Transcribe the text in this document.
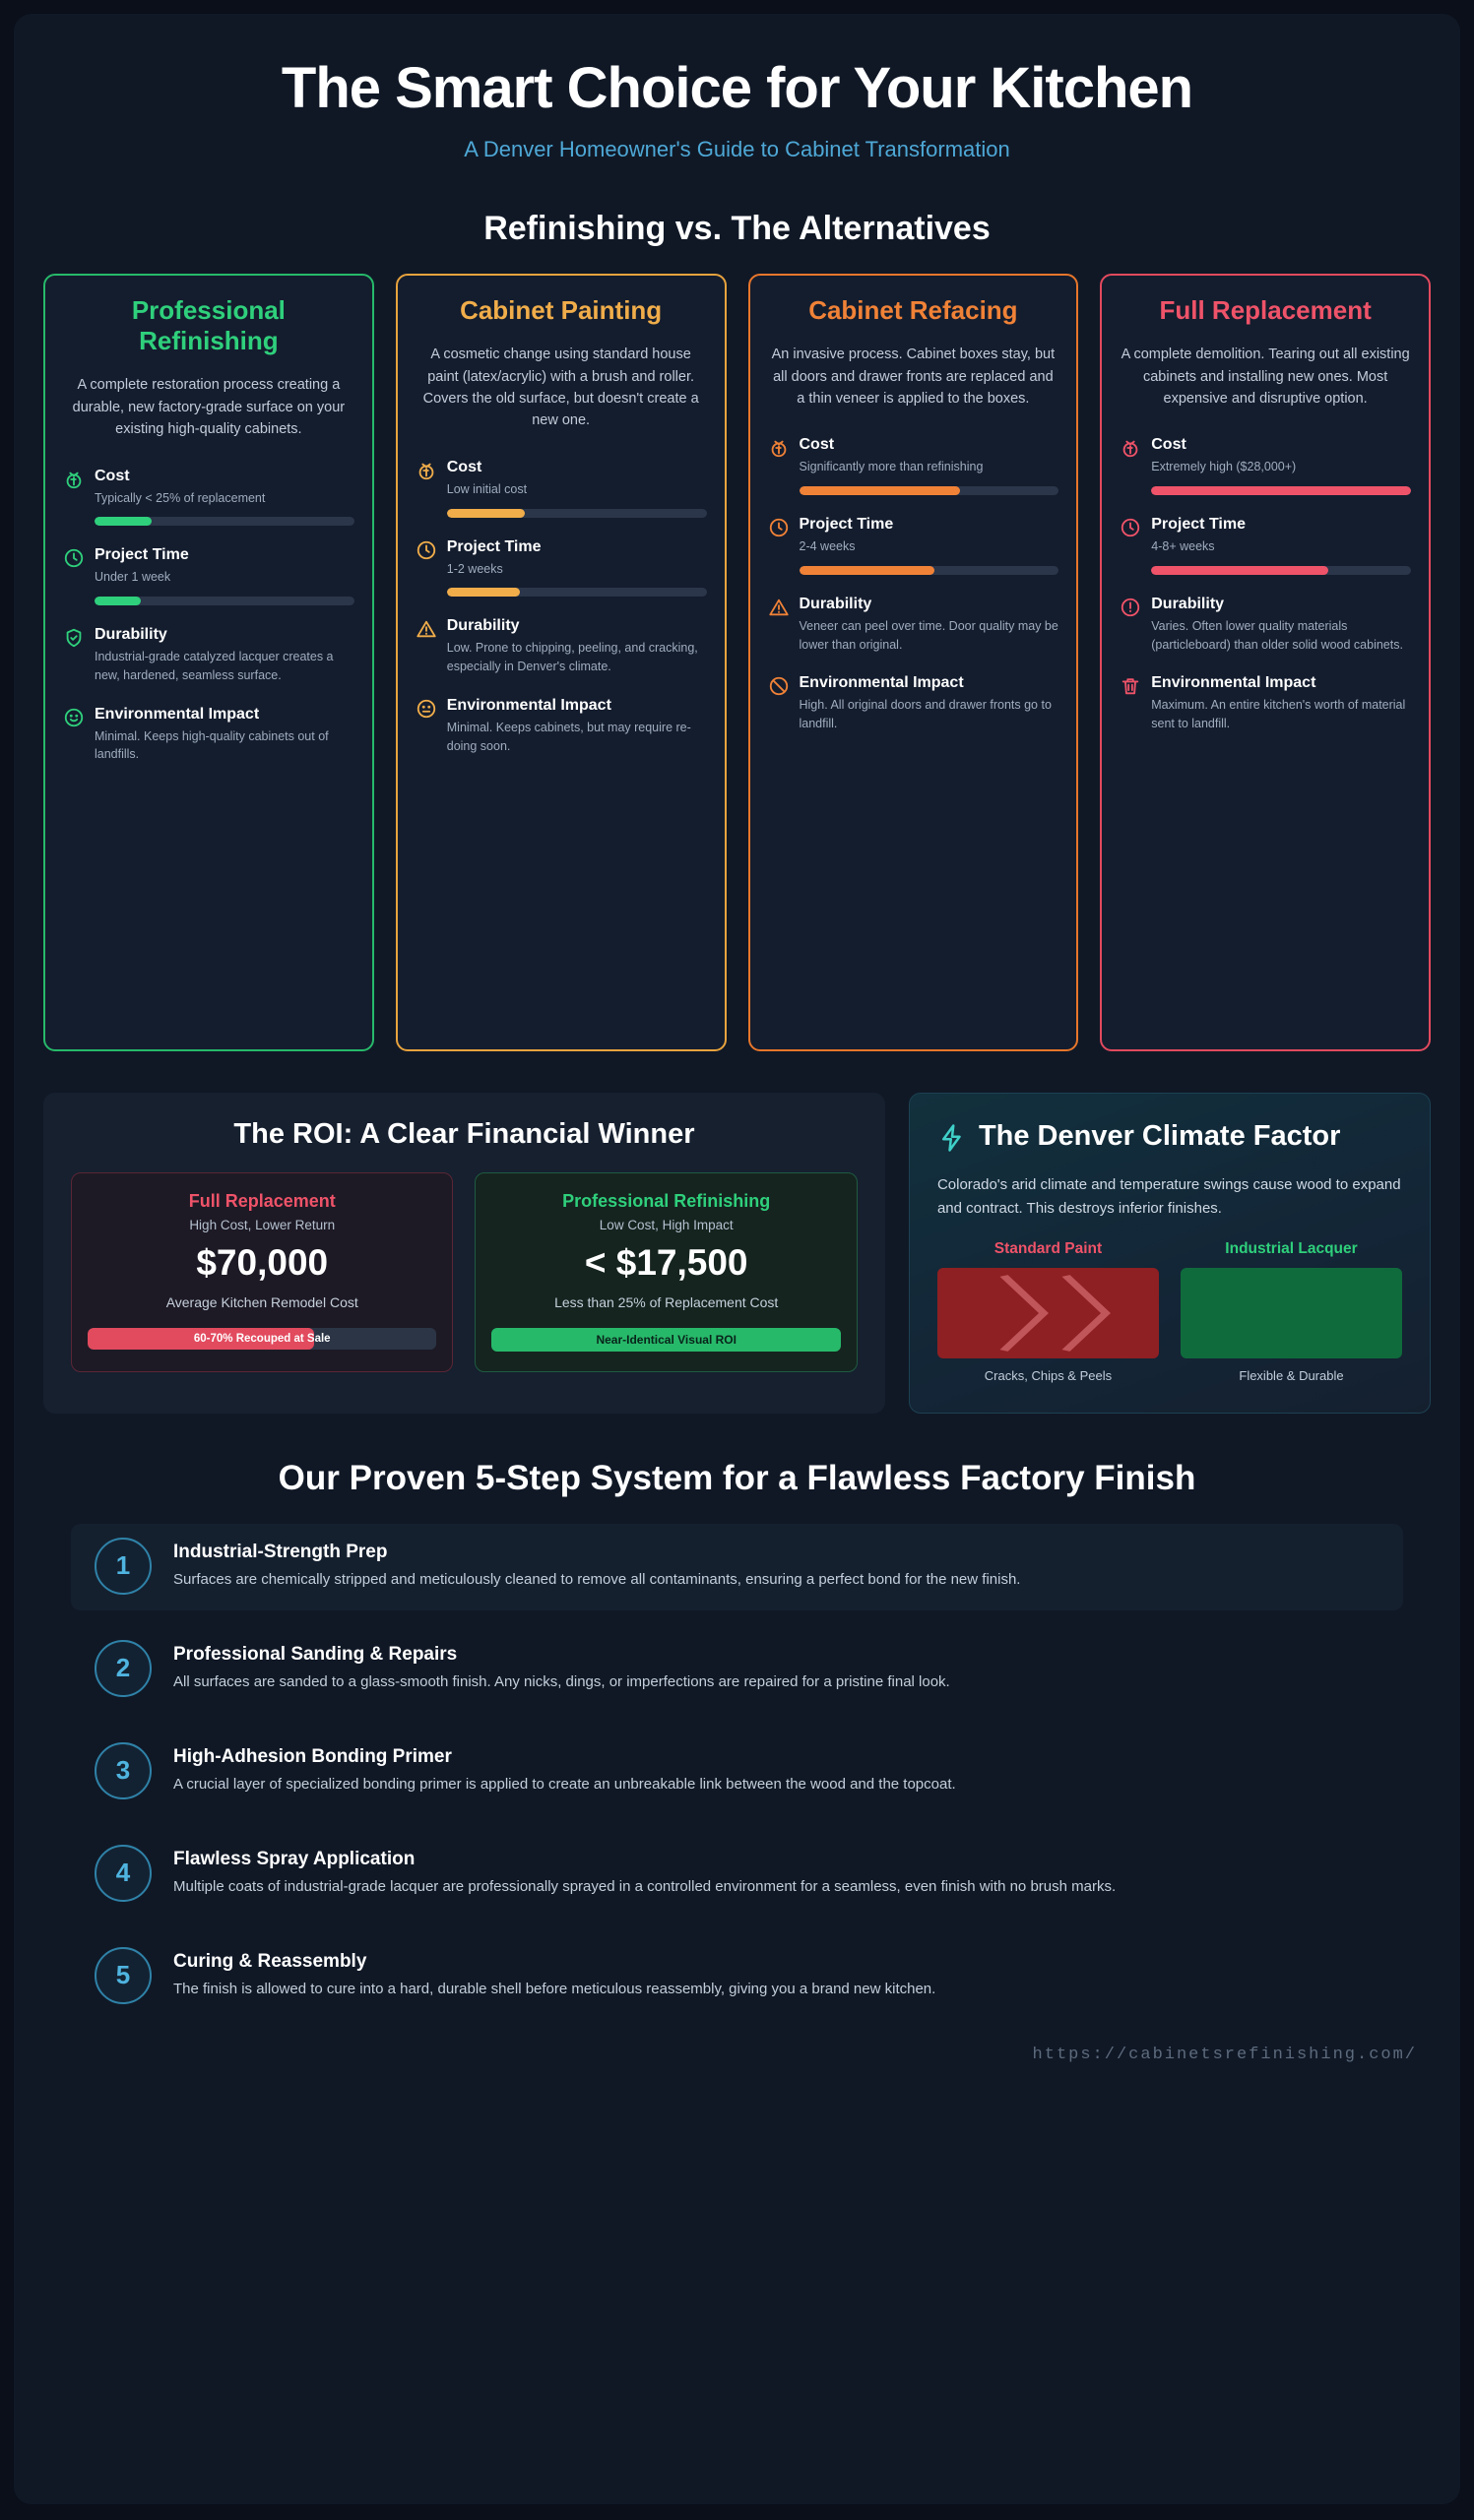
The Smart Choice for Your Kitchen
A Denver Homeowner's Guide to Cabinet Transformation
Refinishing vs. The Alternatives
Professional Refinishing
A complete restoration process creating a durable, new factory-grade surface on your existing high-quality cabinets.
Cost
Typically < 25% of replacement
Project Time
Under 1 week
Durability
Industrial-grade catalyzed lacquer creates a new, hardened, seamless surface.
Environmental Impact
Minimal. Keeps high-quality cabinets out of landfills.
Cabinet Painting
A cosmetic change using standard house paint (latex/acrylic) with a brush and roller. Covers the old surface, but doesn't create a new one.
Cost
Low initial cost
Project Time
1-2 weeks
Durability
Low. Prone to chipping, peeling, and cracking, especially in Denver's climate.
Environmental Impact
Minimal. Keeps cabinets, but may require re-doing soon.
Cabinet Refacing
An invasive process. Cabinet boxes stay, but all doors and drawer fronts are replaced and a thin veneer is applied to the boxes.
Cost
Significantly more than refinishing
Project Time
2-4 weeks
Durability
Veneer can peel over time. Door quality may be lower than original.
Environmental Impact
High. All original doors and drawer fronts go to landfill.
Full Replacement
A complete demolition. Tearing out all existing cabinets and installing new ones. Most expensive and disruptive option.
Cost
Extremely high ($28,000+)
Project Time
4-8+ weeks
Durability
Varies. Often lower quality materials (particleboard) than older solid wood cabinets.
Environmental Impact
Maximum. An entire kitchen's worth of material sent to landfill.
The ROI: A Clear Financial Winner
Full Replacement
High Cost, Lower Return
$70,000
Average Kitchen Remodel Cost
60-70% Recouped at Sale
Professional Refinishing
Low Cost, High Impact
< $17,500
Less than 25% of Replacement Cost
Near-Identical Visual ROI
The Denver Climate Factor

Colorado's arid climate and temperature swings cause wood to expand and contract. This destroys inferior finishes.

Standard Paint
Cracks, Chips & Peels
Industrial Lacquer
Flexible & Durable
Our Proven 5-Step System for a Flawless Factory Finish
1	Industrial-Strength Prep

Surfaces are chemically stripped and meticulously cleaned to remove all contaminants, ensuring a perfect bond for the new finish.

2	Professional Sanding & Repairs

All surfaces are sanded to a glass-smooth finish. Any nicks, dings, or imperfections are repaired for a pristine final look.

3	High-Adhesion Bonding Primer

A crucial layer of specialized bonding primer is applied to create an unbreakable link between the wood and the topcoat.

4	Flawless Spray Application

Multiple coats of industrial-grade lacquer are professionally sprayed in a controlled environment for a seamless, even finish with no brush marks.

5	Curing & Reassembly

The finish is allowed to cure into a hard, durable shell before meticulous reassembly, giving you a brand new kitchen.

https://cabinetsrefinishing.com/
